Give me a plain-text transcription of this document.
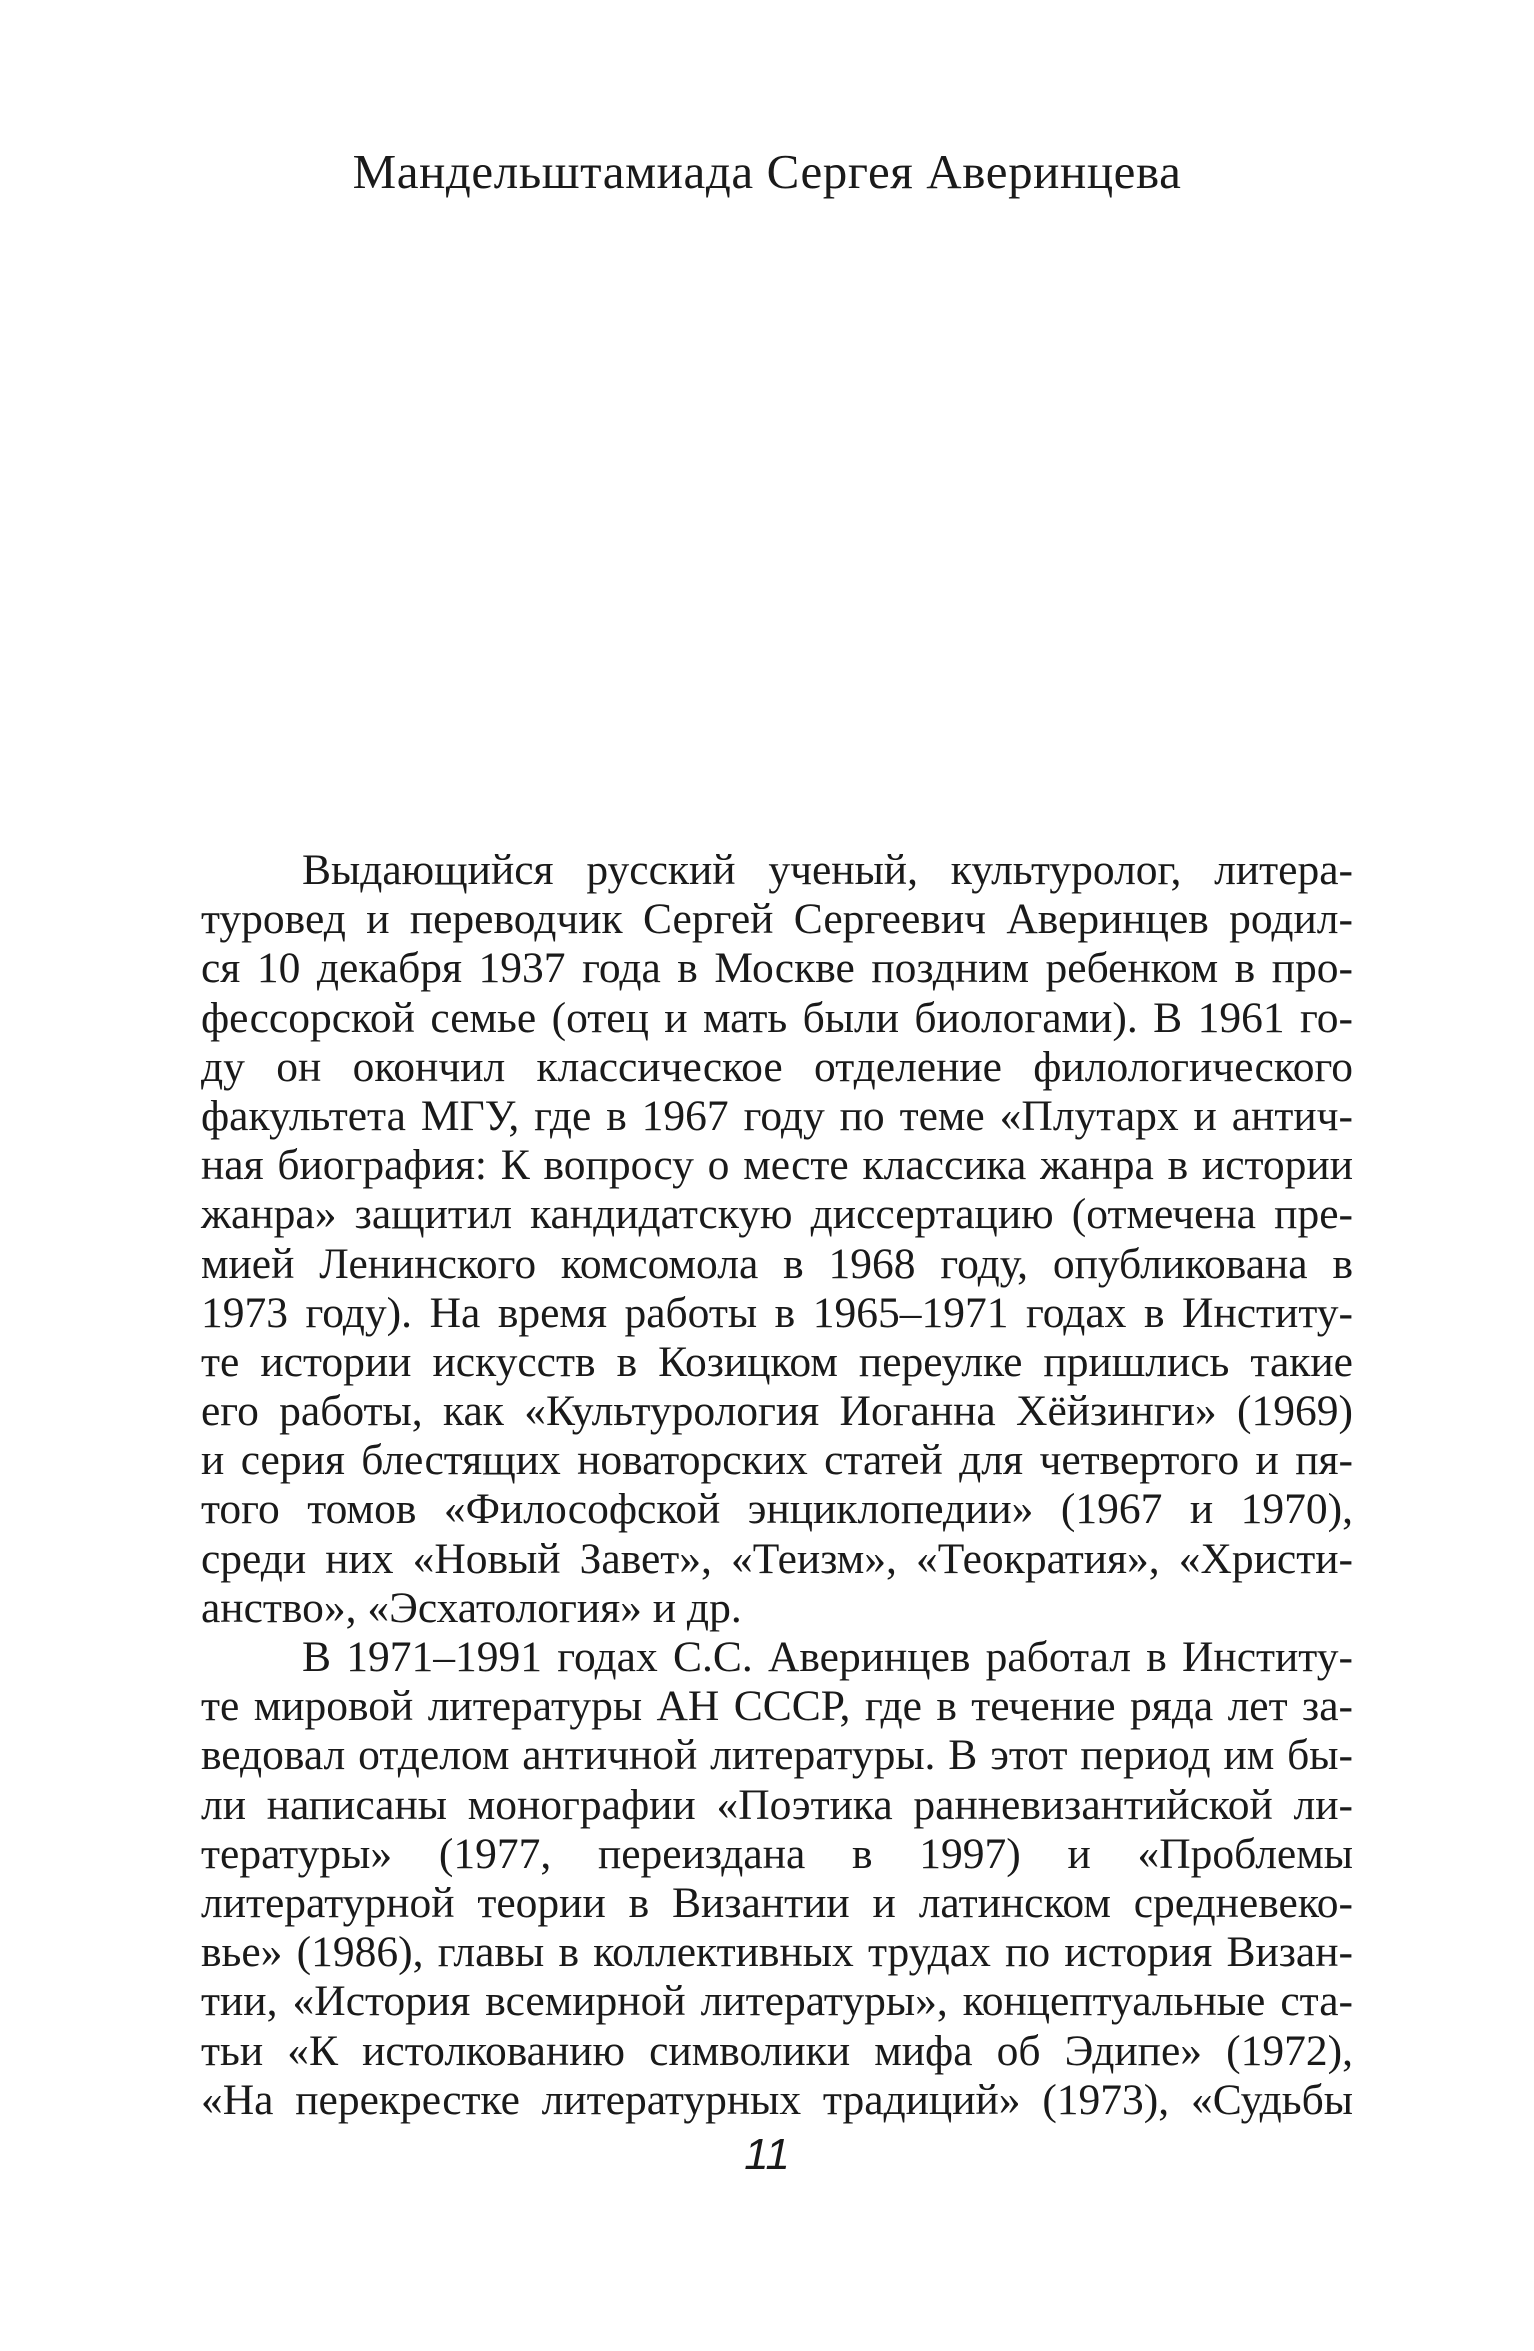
Мандельштамиада Сергея Аверинцева

Выдающийся русский ученый, культуролог, литера-
туровед и переводчик Сергей Сергеевич Аверинцев родил-
ся 10 декабря 1937 года в Москве поздним ребенком в про-
фессорской семье (отец и мать были биологами). В 1961 го-
ду он окончил классическое отделение филологического
факультета МГУ, где в 1967 году по теме «Плутарх и антич-
ная биография: К вопросу о месте классика жанра в истории
жанра» защитил кандидатскую диссертацию (отмечена пре-
мией Ленинского комсомола в 1968 году, опубликована в
1973 году). На время работы в 1965–1971 годах в Институ-
те истории искусств в Козицком переулке пришлись такие
его работы, как «Культурология Иоганна Хёйзинги» (1969)
и серия блестящих новаторских статей для четвертого и пя-
того томов «Философской энциклопедии» (1967 и 1970),
среди них «Новый Завет», «Теизм», «Теократия», «Христи-
анство», «Эсхатология» и др.

В 1971–1991 годах С.С. Аверинцев работал в Институ-
те мировой литературы АН СССР, где в течение ряда лет за-
ведовал отделом античной литературы. В этот период им бы-
ли написаны монографии «Поэтика ранневизантийской ли-
тературы» (1977, переиздана в 1997) и «Проблемы
литературной теории в Византии и латинском средневеко-
вье» (1986), главы в коллективных трудах по история Визан-
тии, «История всемирной литературы», концептуальные ста-
тьи «К истолкованию символики мифа об Эдипе» (1972),
«На перекрестке литературных традиций» (1973), «Судьбы

11
